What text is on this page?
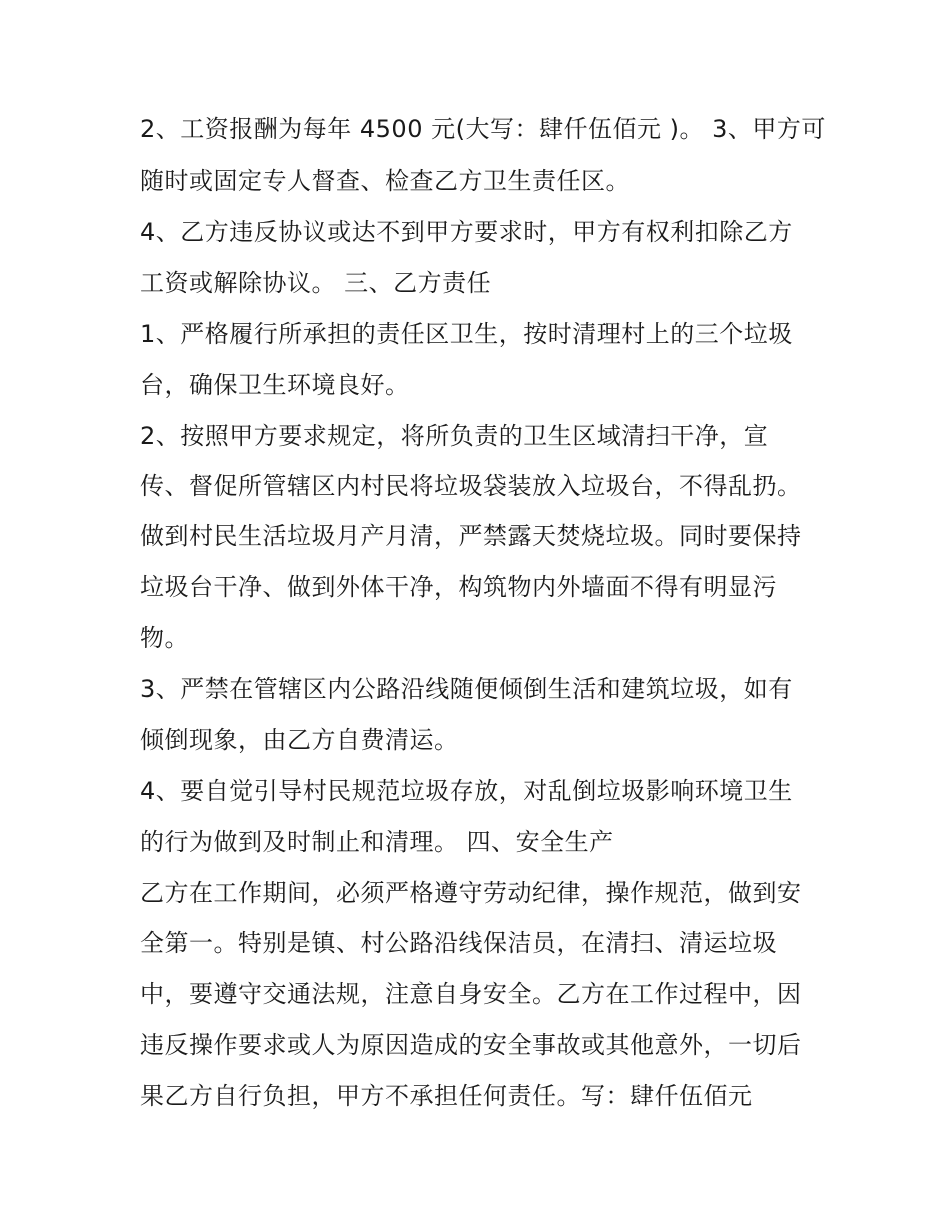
2、工资报酬为每年 4500 元(大写：肆仟伍佰元 )。 3、甲方可
随时或固定专人督查、检查乙方卫生责任区。
4、乙方违反协议或达不到甲方要求时，甲方有权利扣除乙方
工资或解除协议。 三、乙方责任
1、严格履行所承担的责任区卫生，按时清理村上的三个垃圾
台，确保卫生环境良好。
2、按照甲方要求规定，将所负责的卫生区域清扫干净，宣
传、督促所管辖区内村民将垃圾袋装放入垃圾台，不得乱扔。
做到村民生活垃圾月产月清，严禁露天焚烧垃圾。同时要保持
垃圾台干净、做到外体干净，构筑物内外墙面不得有明显污
物。
3、严禁在管辖区内公路沿线随便倾倒生活和建筑垃圾，如有
倾倒现象，由乙方自费清运。
4、要自觉引导村民规范垃圾存放，对乱倒垃圾影响环境卫生
的行为做到及时制止和清理。 四、安全生产
乙方在工作期间，必须严格遵守劳动纪律，操作规范，做到安
全第一。特别是镇、村公路沿线保洁员，在清扫、清运垃圾
中，要遵守交通法规，注意自身安全。乙方在工作过程中，因
违反操作要求或人为原因造成的安全事故或其他意外，一切后
果乙方自行负担，甲方不承担任何责任。写：肆仟伍佰元
